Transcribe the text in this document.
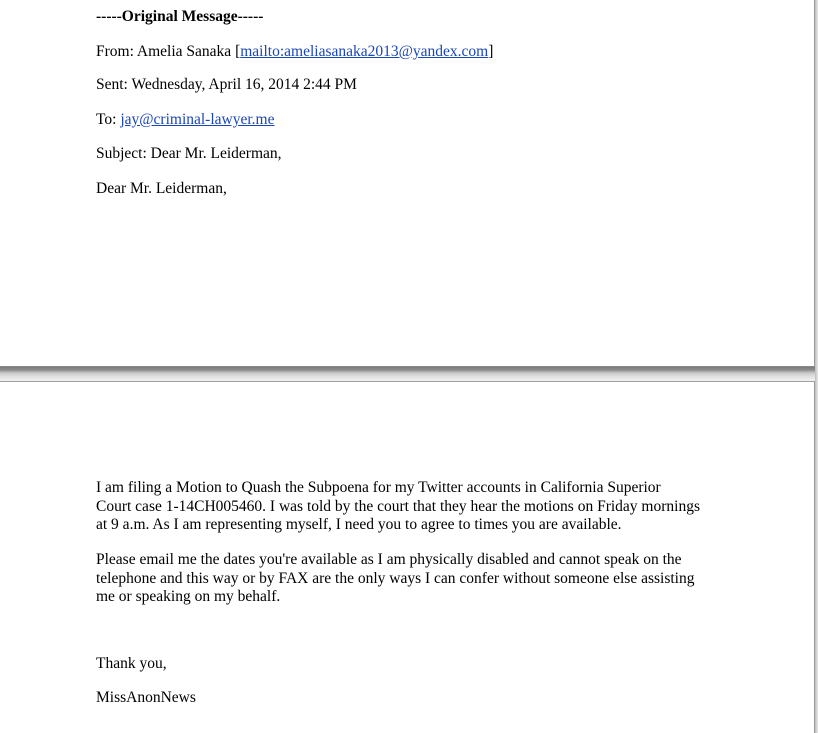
-----Original Message-----
From: Amelia Sanaka [mailto:ameliasanaka2013@yandex.com]
Sent: Wednesday, April 16, 2014 2:44 PM
To: jay@criminal-lawyer.me
Subject: Dear Mr. Leiderman,
Dear Mr. Leiderman,
I am filing a Motion to Quash the Subpoena for my Twitter accounts in California Superior
Court case 1-14CH005460. I was told by the court that they hear the motions on Friday mornings
at 9 a.m. As I am representing myself, I need you to agree to times you are available.
Please email me the dates you're available as I am physically disabled and cannot speak on the
telephone and this way or by FAX are the only ways I can confer without someone else assisting
me or speaking on my behalf.
Thank you,
MissAnonNews
